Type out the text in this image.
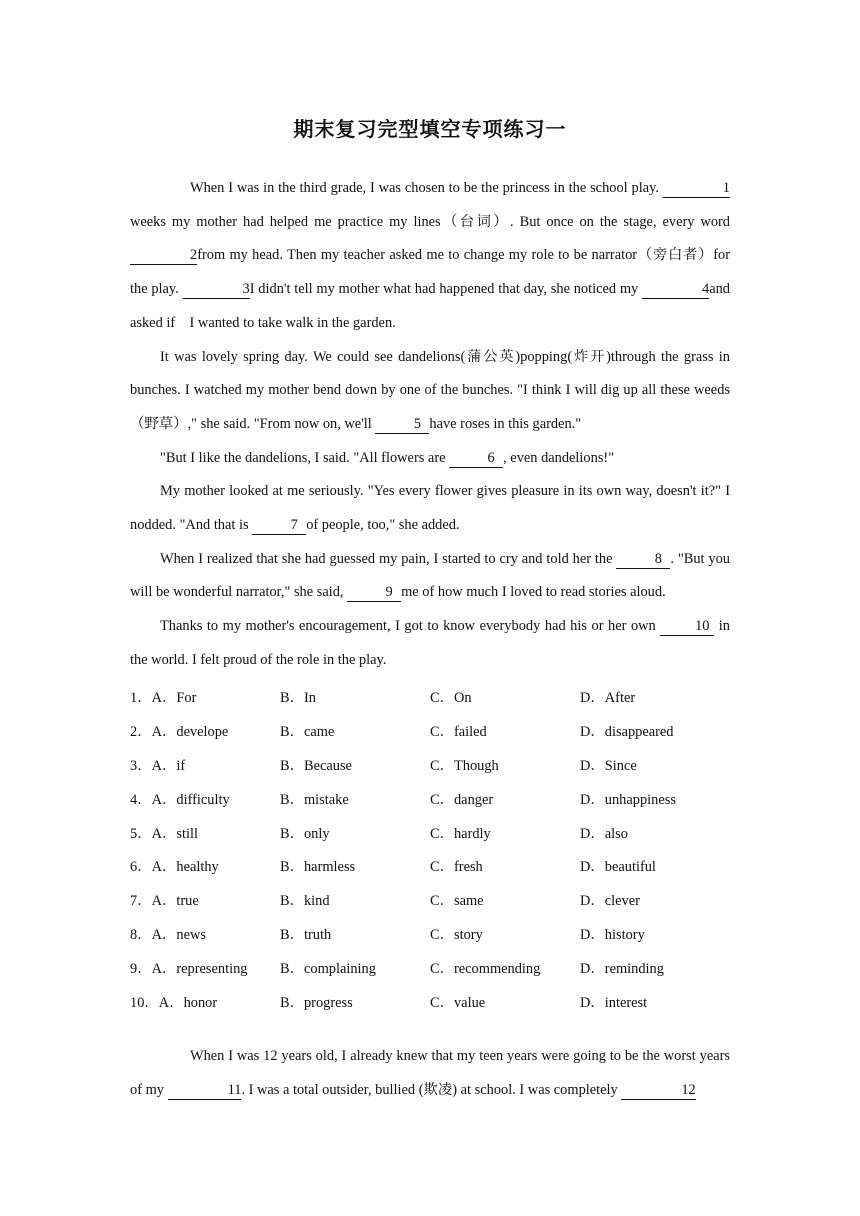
期末复习完型填空专项练习一

When I was in the third grade, I was chosen to be the princess in the school play.	1 weeks my mother had helped me practice my lines（台词）. But once on the stage, every word 2from my head. Then my teacher asked me to change my role to be narrator（旁白者）for the play.	3I didn't tell my mother what had happened that day, she noticed my	4and asked if　I wanted to take walk in the garden.

It was lovely spring day. We could see dandelions(蒲公英)popping(炸开)through the grass in bunches. I watched my mother bend down by one of the bunches. "I think I will dig up all these weeds（野草）," she said. "From now on, we'll	5 have roses in this garden."

"But I like the dandelions, I said. "All flowers are	6 , even dandelions!"

My mother looked at me seriously. "Yes every flower gives pleasure in its own way, doesn't it?" I nodded. "And that is	7 of people, too," she added.

When I realized that she had guessed my pain, I started to cry and told her the	8 . "But you will be wonderful narrator," she said,	9 me of how much I loved to read stories aloud.

Thanks to my mother's encouragement, I got to know everybody had his or her own 10 in the world. I felt proud of the role in the play.

1．A．For	B．In	C．On	D．After
2．A．develope	B．came	C．failed	D．disappeared
3．A．if	B．Because	C．Though	D．Since
4．A．difficulty	B．mistake	C．danger	D．unhappiness
5．A．still	B．only	C．hardly	D．also
6．A．healthy	B．harmless	C．fresh	D．beautiful
7．A．true	B．kind	C．same	D．clever
8．A．news	B．truth	C．story	D．history
9．A．representing	B．complaining	C．recommending	D．reminding
10．A．honor	B．progress	C．value	D．interest

When I was 12 years old, I already knew that my teen years were going to be the worst years of my	11. I was a total outsider, bullied (欺凌) at school. I was completely	12
